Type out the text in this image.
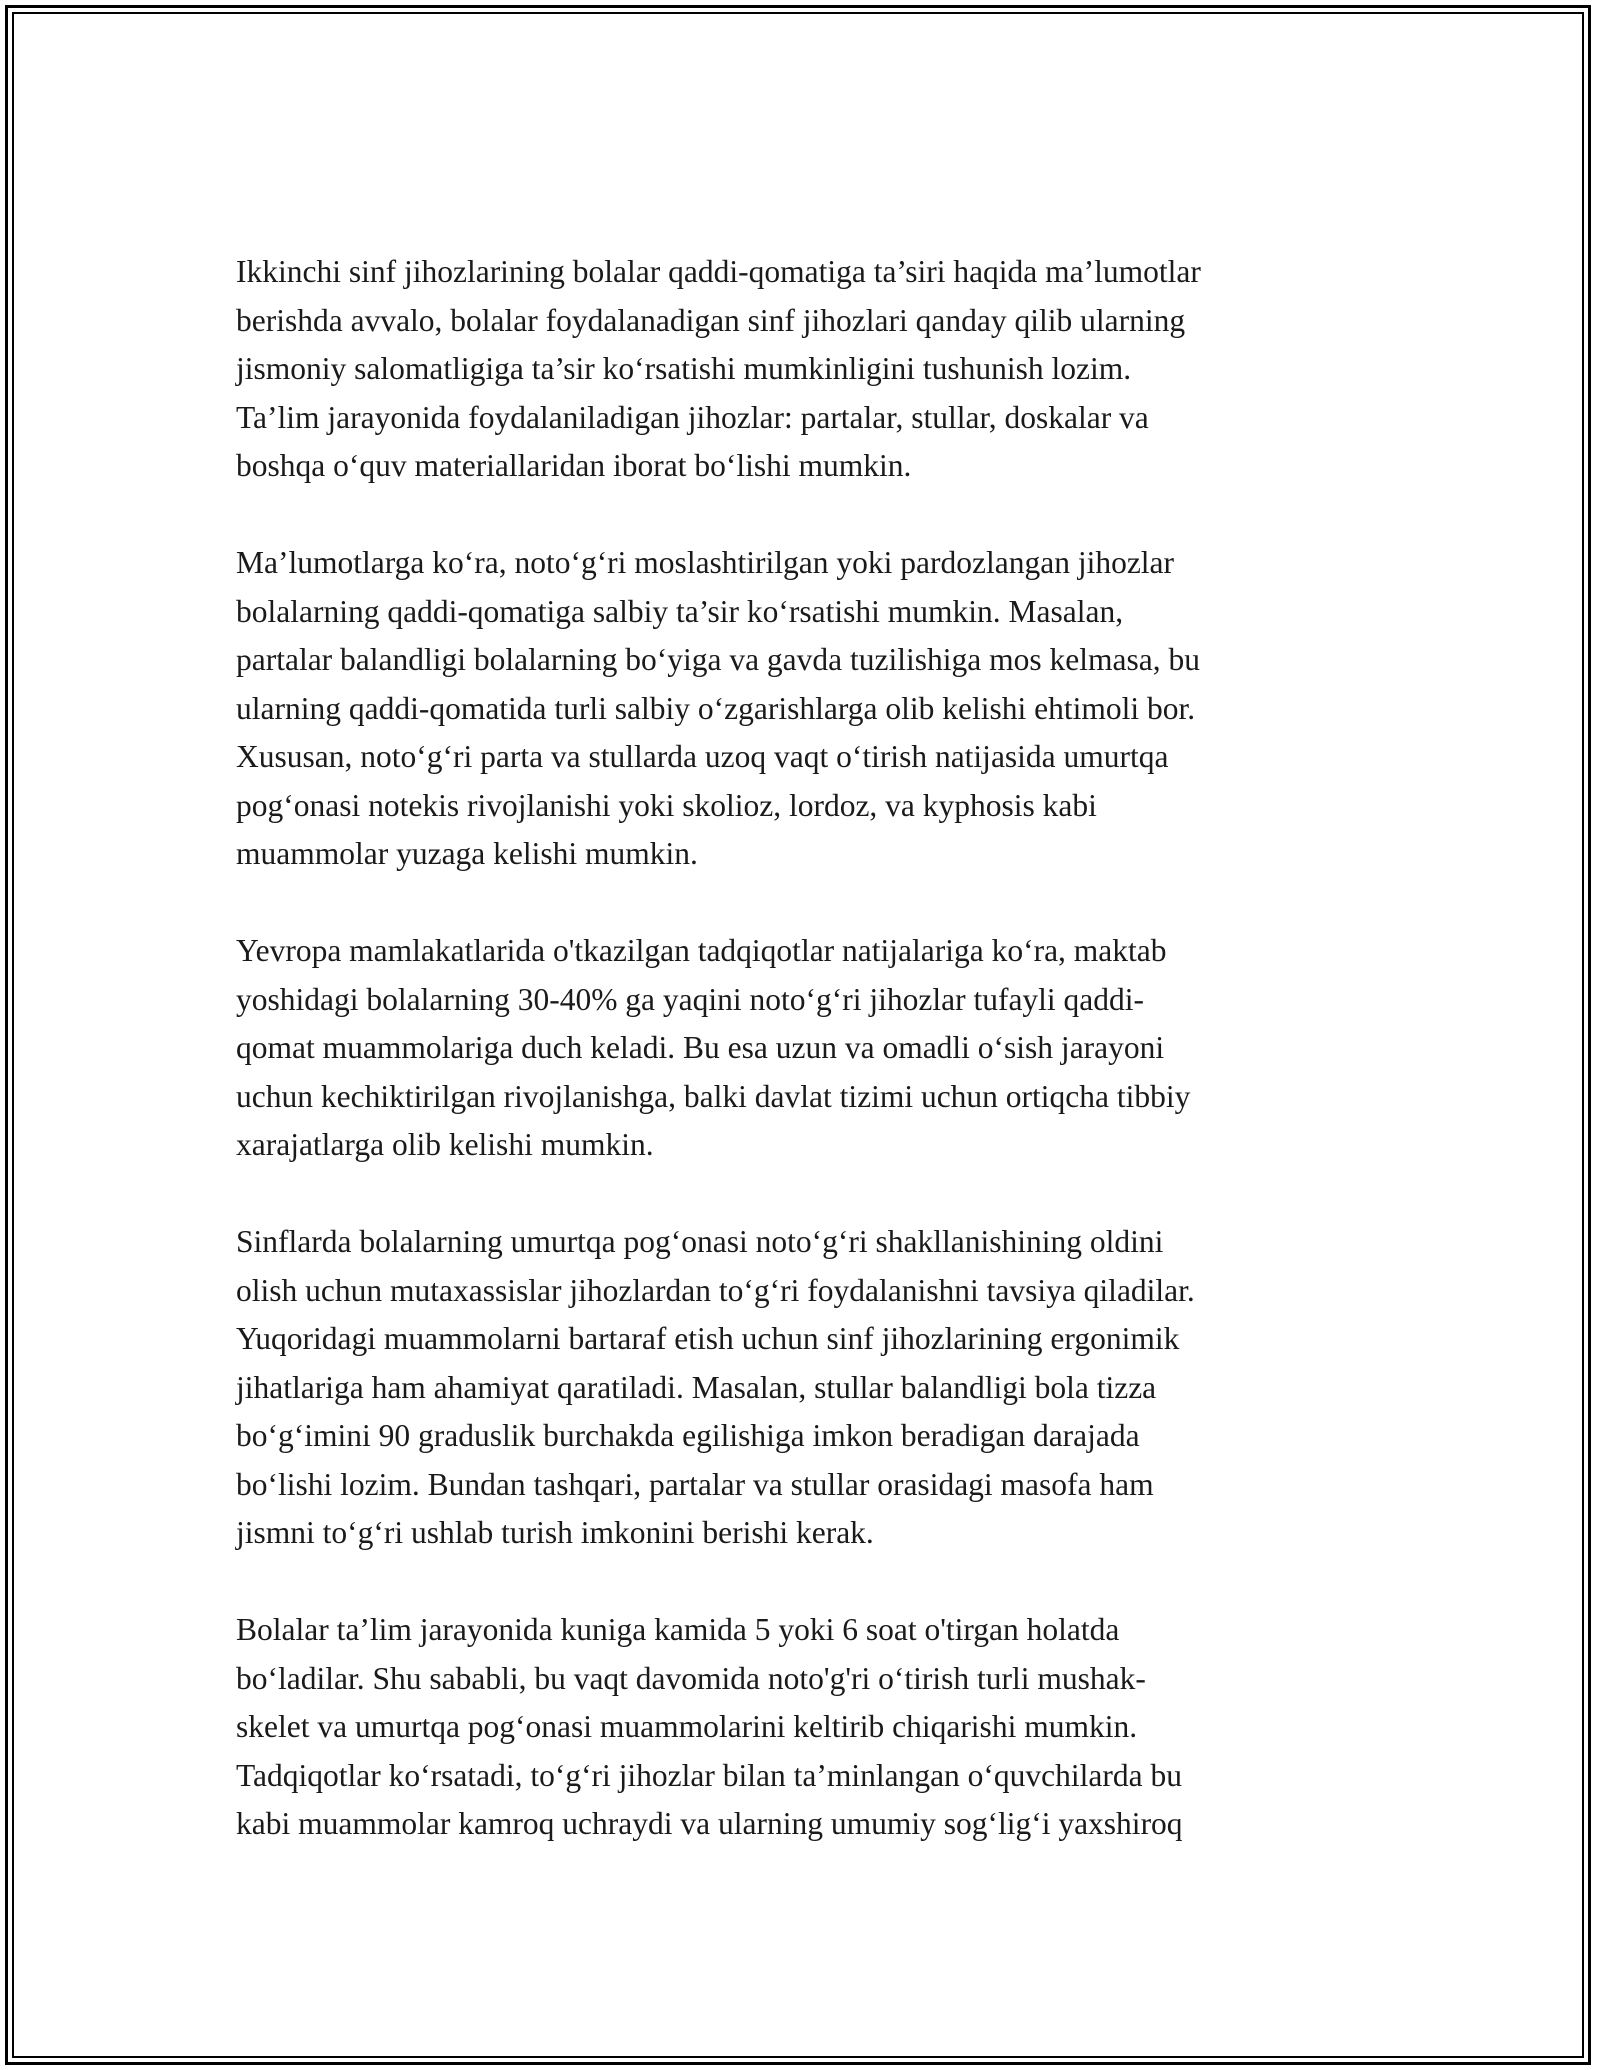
Ikkinchi sinf jihozlarining bolalar qaddi-qomatiga ta’siri haqida ma’lumotlar
berishda avvalo, bolalar foydalanadigan sinf jihozlari qanday qilib ularning
jismoniy salomatligiga ta’sir ko‘rsatishi mumkinligini tushunish lozim.
Ta’lim jarayonida foydalaniladigan jihozlar: partalar, stullar, doskalar va
boshqa o‘quv materiallaridan iborat bo‘lishi mumkin.

Ma’lumotlarga ko‘ra, noto‘g‘ri moslashtirilgan yoki pardozlangan jihozlar
bolalarning qaddi-qomatiga salbiy ta’sir ko‘rsatishi mumkin. Masalan,
partalar balandligi bolalarning bo‘yiga va gavda tuzilishiga mos kelmasa, bu
ularning qaddi-qomatida turli salbiy o‘zgarishlarga olib kelishi ehtimoli bor.
Xususan, noto‘g‘ri parta va stullarda uzoq vaqt o‘tirish natijasida umurtqa
pog‘onasi notekis rivojlanishi yoki skolioz, lordoz, va kyphosis kabi
muammolar yuzaga kelishi mumkin.

Yevropa mamlakatlarida o'tkazilgan tadqiqotlar natijalariga ko‘ra, maktab
yoshidagi bolalarning 30-40% ga yaqini noto‘g‘ri jihozlar tufayli qaddi-
qomat muammolariga duch keladi. Bu esa uzun va omadli o‘sish jarayoni
uchun kechiktirilgan rivojlanishga, balki davlat tizimi uchun ortiqcha tibbiy
xarajatlarga olib kelishi mumkin.

Sinflarda bolalarning umurtqa pog‘onasi noto‘g‘ri shakllanishining oldini
olish uchun mutaxassislar jihozlardan to‘g‘ri foydalanishni tavsiya qiladilar.
Yuqoridagi muammolarni bartaraf etish uchun sinf jihozlarining ergonimik
jihatlariga ham ahamiyat qaratiladi. Masalan, stullar balandligi bola tizza
bo‘g‘imini 90 graduslik burchakda egilishiga imkon beradigan darajada
bo‘lishi lozim. Bundan tashqari, partalar va stullar orasidagi masofa ham
jismni to‘g‘ri ushlab turish imkonini berishi kerak.

Bolalar ta’lim jarayonida kuniga kamida 5 yoki 6 soat o'tirgan holatda
bo‘ladilar. Shu sababli, bu vaqt davomida noto'g'ri o‘tirish turli mushak-
skelet va umurtqa pog‘onasi muammolarini keltirib chiqarishi mumkin.
Tadqiqotlar ko‘rsatadi, to‘g‘ri jihozlar bilan ta’minlangan o‘quvchilarda bu
kabi muammolar kamroq uchraydi va ularning umumiy sog‘lig‘i yaxshiroq
